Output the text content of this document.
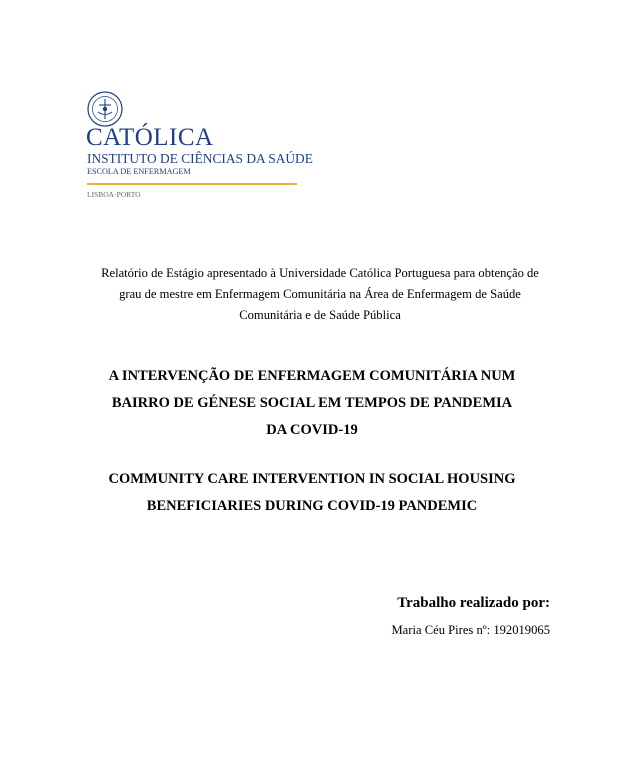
CATÓLICA
INSTITUTO DE CIÊNCIAS DA SAÚDE
ESCOLA DE ENFERMAGEM
LISBOA·PORTO
Relatório de Estágio apresentado à Universidade Católica Portuguesa para obtenção de
grau de mestre em Enfermagem Comunitária na Área de Enfermagem de Saúde
Comunitária e de Saúde Pública
A INTERVENÇÃO DE ENFERMAGEM COMUNITÁRIA NUM
BAIRRO DE GÉNESE SOCIAL EM TEMPOS DE PANDEMIA
DA COVID-19
COMMUNITY CARE INTERVENTION IN SOCIAL HOUSING
BENEFICIARIES DURING COVID-19 PANDEMIC
Trabalho realizado por:
Maria Céu Pires nº: 192019065
